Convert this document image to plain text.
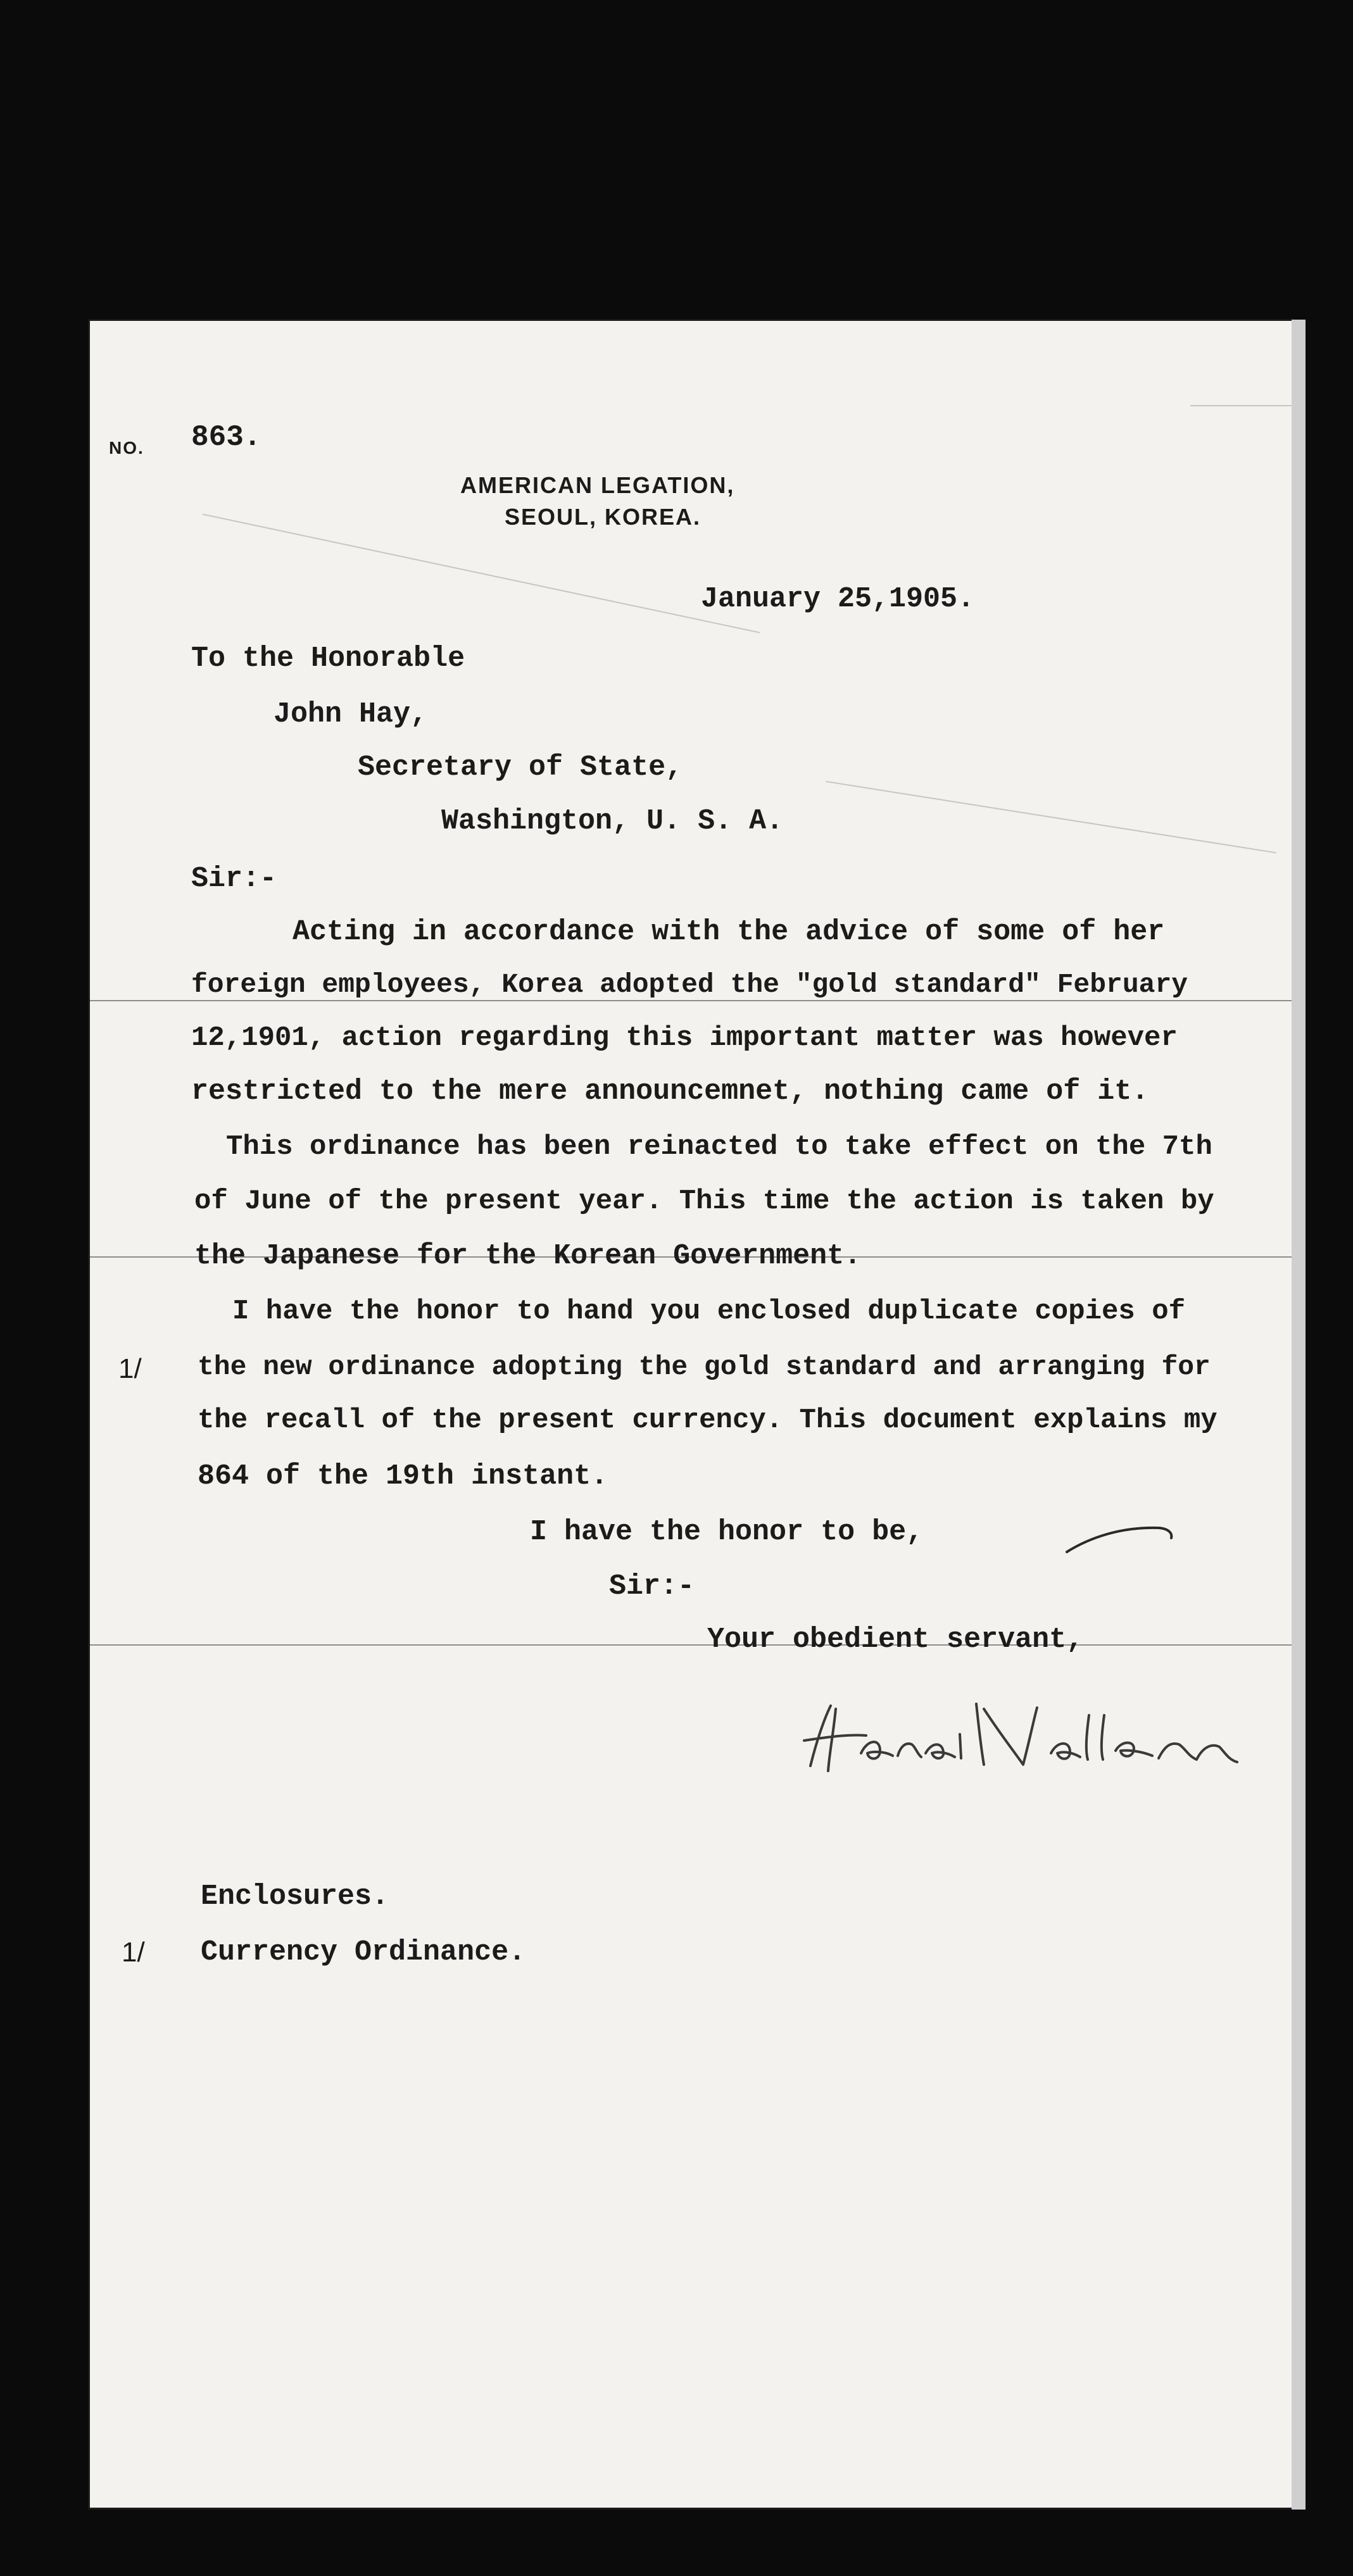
NO. 863.
AMERICAN LEGATION,
SEOUL, KOREA.
January 25,1905.
To the Honorable
John Hay,
Secretary of State,
Washington, U. S. A.
Sir:-
Acting in accordance with the advice of some of her
foreign employees, Korea adopted the "gold standard" February
12,1901, action regarding this important matter was however
restricted to the mere announcemnet, nothing came of it.
This ordinance has been reinacted to take effect on the 7th
of June of the present year. This time the action is taken by
the Japanese for the Korean Government.
I have the honor to hand you enclosed duplicate copies of
1/ the new ordinance adopting the gold standard and arranging for
the recall of the present currency. This document explains my
864 of the 19th instant.
I have the honor to be,
Sir:-
Your obedient servant,
Enclosures.
1/ Currency Ordinance.
